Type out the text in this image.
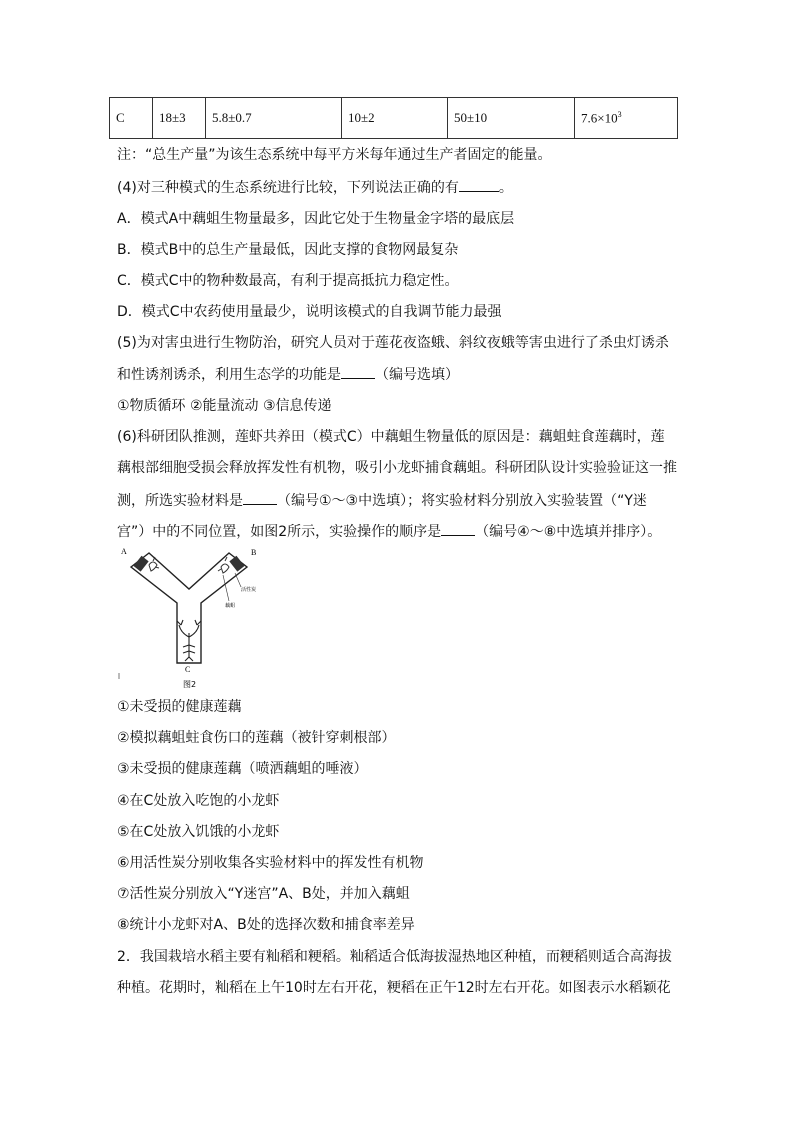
C	18±3	5.8±0.7	10±2	50±10	$7.6\times 10^3$
注：“总生产量”为该生态系统中每平方米每年通过生产者固定的能量。
(4)对三种模式的生态系统进行比较，下列说法正确的有	。
A．模式A中藕蛆生物量最多，因此它处于生物量金字塔的最底层
B．模式B中的总生产量最低，因此支撑的食物网最复杂
C．模式C中的物种数最高，有利于提高抵抗力稳定性。
D．模式C中农药使用量最少，说明该模式的自我调节能力最强
(5)为对害虫进行生物防治，研究人员对于莲花夜盗蛾、斜纹夜蛾等害虫进行了杀虫灯诱杀
和性诱剂诱杀，利用生态学的功能是 （编号选填）
①物质循环 ②能量流动 ③信息传递
(6)科研团队推测，莲虾共养田（模式C）中藕蛆生物量低的原因是：藕蛆蛀食莲藕时，莲
藕根部细胞受损会释放挥发性有机物，吸引小龙虾捕食藕蛆。科研团队设计实验验证这一推
测，所选实验材料是 （编号①～③中选填）；将实验材料分别放入实验装置（“Y迷
宫”）中的不同位置，如图2所示，实验操作的顺序是 （编号④～⑧中选填并排序）。
A	B
活性炭
藕蛆
C
图2
①未受损的健康莲藕
②模拟藕蛆蛀食伤口的莲藕（被针穿刺根部）
③未受损的健康莲藕（喷洒藕蛆的唾液）
④在C处放入吃饱的小龙虾
⑤在C处放入饥饿的小龙虾
⑥用活性炭分别收集各实验材料中的挥发性有机物
⑦活性炭分别放入“Y迷宫”A、B处，并加入藕蛆
⑧统计小龙虾对A、B处的选择次数和捕食率差异
2．我国栽培水稻主要有籼稻和粳稻。籼稻适合低海拔湿热地区种植，而粳稻则适合高海拔
种植。花期时，籼稻在上午10时左右开花，粳稻在正午12时左右开花。如图表示水稻颖花
